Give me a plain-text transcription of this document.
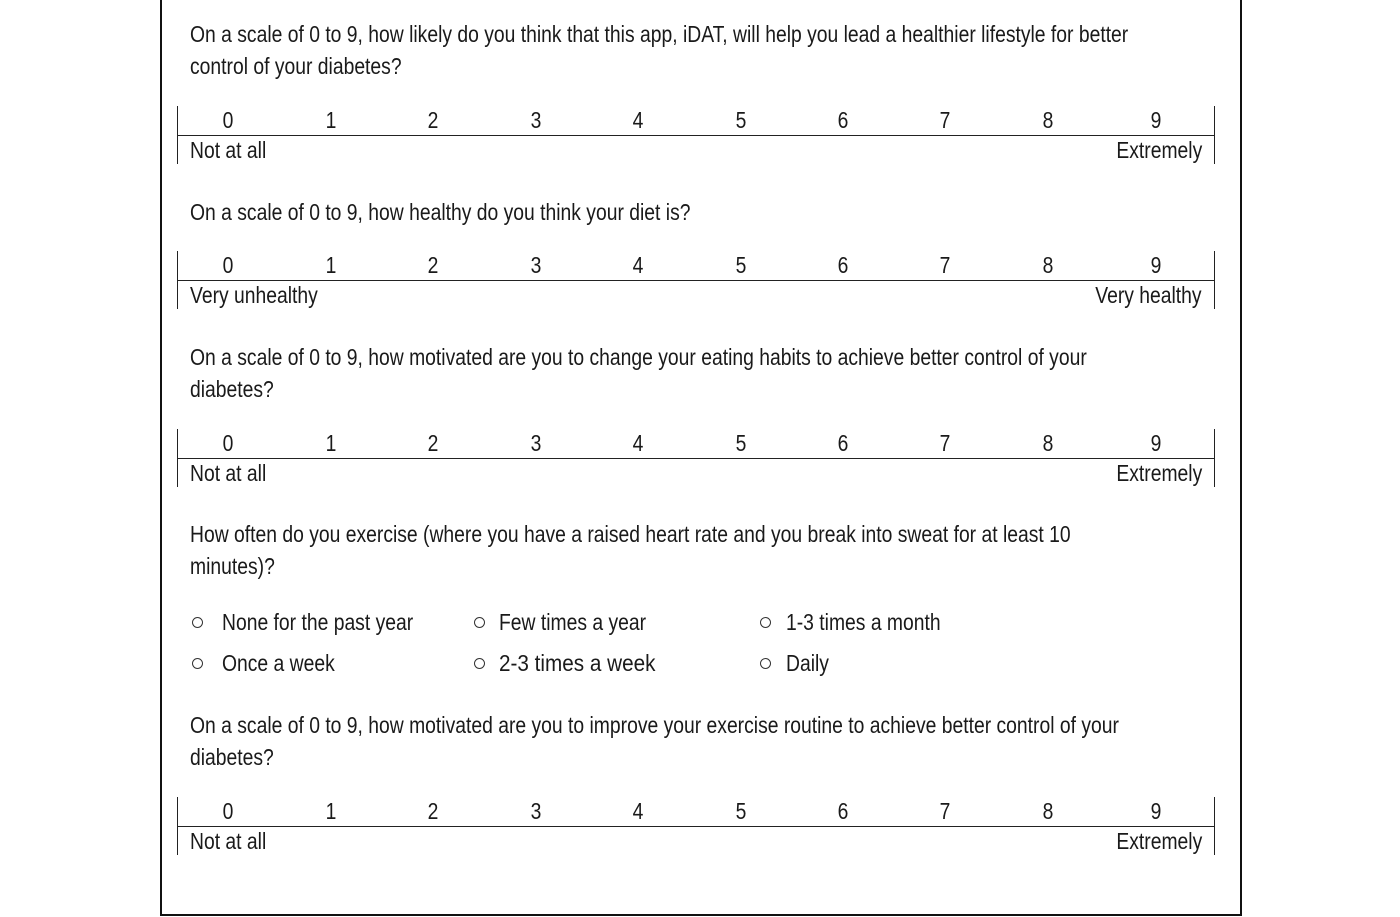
On a scale of 0 to 9, how likely do you think that this app, iDAT, will help you lead a healthier lifestyle for better
control of your diabetes?
0	1	2	3	4	5	6	7	8	9
Not at all	Extremely
On a scale of 0 to 9, how healthy do you think your diet is?
0	1	2	3	4	5	6	7	8	9
Very unhealthy	Very healthy
On a scale of 0 to 9, how motivated are you to change your eating habits to achieve better control of your
diabetes?
0	1	2	3	4	5	6	7	8	9
Not at all	Extremely
How often do you exercise (where you have a raised heart rate and you break into sweat for at least 10
minutes)?
None for the past year	Few times a year	1-3 times a month
Once a week	2-3 times a week	Daily
On a scale of 0 to 9, how motivated are you to improve your exercise routine to achieve better control of your
diabetes?
0	1	2	3	4	5	6	7	8	9
Not at all	Extremely
